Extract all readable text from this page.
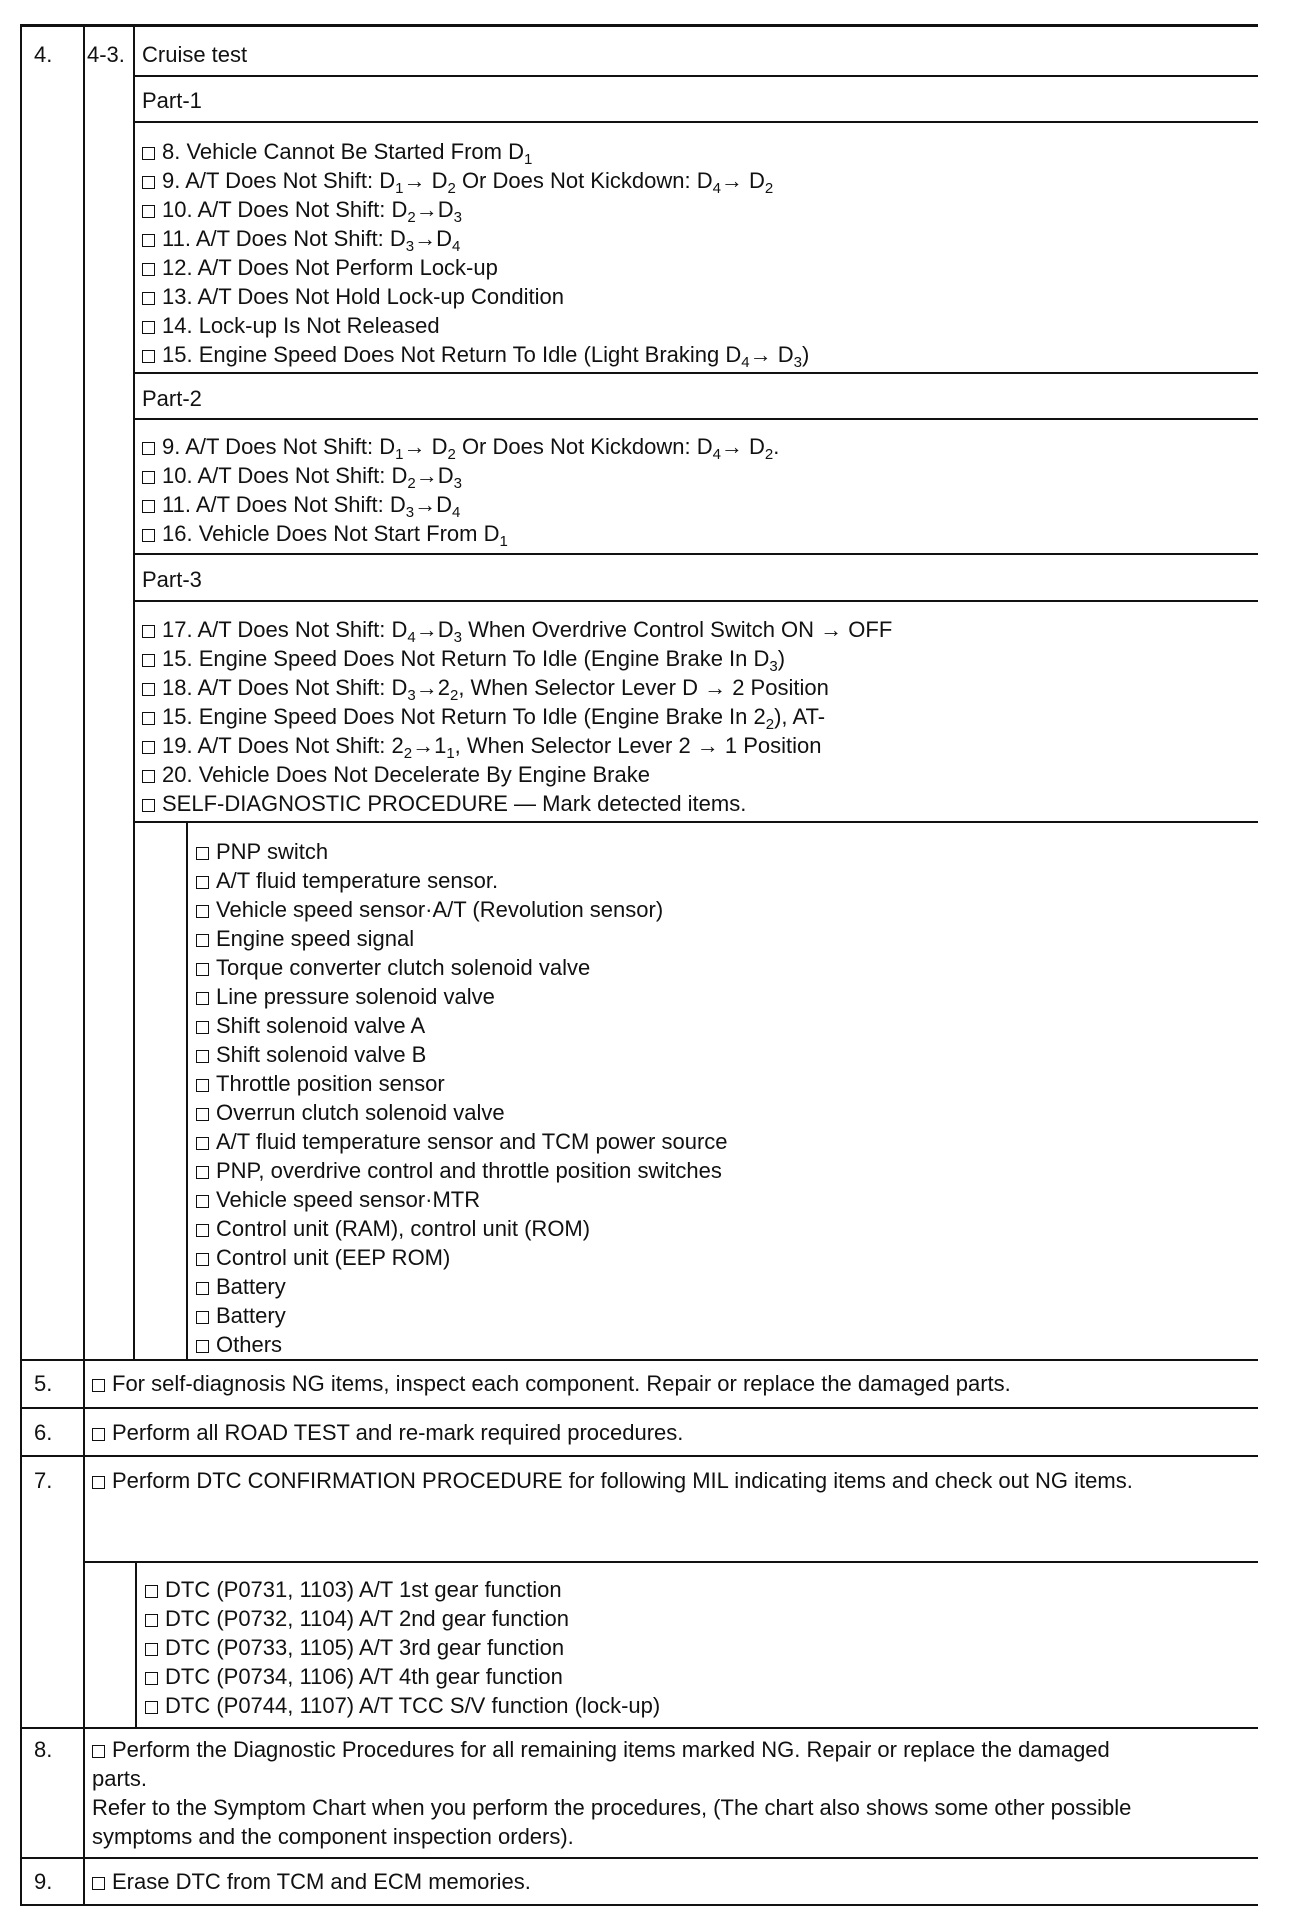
4. 4-3.
5.
6.
7.
8.
9.
Cruise test
Part-1
8. Vehicle Cannot Be Started From $D_1$
9. A/T Does Not Shift: $D_1\to D_2$ Or Does Not Kickdown: $D_4\to D_2$
10. A/T Does Not Shift: $D_2\to D_3$
11. A/T Does Not Shift: $D_3\to D_4$
12. A/T Does Not Perform Lock-up
13. A/T Does Not Hold Lock-up Condition
14. Lock-up Is Not Released
15. Engine Speed Does Not Return To Idle (Light Braking $D_4\to D_3$)
Part-2
9. A/T Does Not Shift: $D_1\to D_2$ Or Does Not Kickdown: $D_4\to D_2$.
10. A/T Does Not Shift: $D_2\to D_3$
11. A/T Does Not Shift: $D_3\to D_4$
16. Vehicle Does Not Start From $D_1$
Part-3
17. A/T Does Not Shift: $D_4\to D_3$ When Overdrive Control Switch ON → OFF
15. Engine Speed Does Not Return To Idle (Engine Brake In $D_3$)
18. A/T Does Not Shift: $D_3\to 2_2$, When Selector Lever D → 2 Position
15. Engine Speed Does Not Return To Idle (Engine Brake In $2_2$), AT-
19. A/T Does Not Shift: $2_2\to 1_1$, When Selector Lever 2 → 1 Position
20. Vehicle Does Not Decelerate By Engine Brake
SELF-DIAGNOSTIC PROCEDURE — Mark detected items.
PNP switch
A/T fluid temperature sensor.
Vehicle speed sensor·A/T (Revolution sensor)
Engine speed signal
Torque converter clutch solenoid valve
Line pressure solenoid valve
Shift solenoid valve A
Shift solenoid valve B
Throttle position sensor
Overrun clutch solenoid valve
A/T fluid temperature sensor and TCM power source
PNP, overdrive control and throttle position switches
Vehicle speed sensor·MTR
Control unit (RAM), control unit (ROM)
Control unit (EEP ROM)
Battery
Battery
Others
For self-diagnosis NG items, inspect each component. Repair or replace the damaged parts.
Perform all ROAD TEST and re-mark required procedures.
Perform DTC CONFIRMATION PROCEDURE for following MIL indicating items and check out NG items.
DTC (P0731, 1103) A/T 1st gear function
DTC (P0732, 1104) A/T 2nd gear function
DTC (P0733, 1105) A/T 3rd gear function
DTC (P0734, 1106) A/T 4th gear function
DTC (P0744, 1107) A/T TCC S/V function (lock-up)
Perform the Diagnostic Procedures for all remaining items marked NG. Repair or replace the damaged
parts.
Refer to the Symptom Chart when you perform the procedures, (The chart also shows some other possible
symptoms and the component inspection orders).
Erase DTC from TCM and ECM memories.
